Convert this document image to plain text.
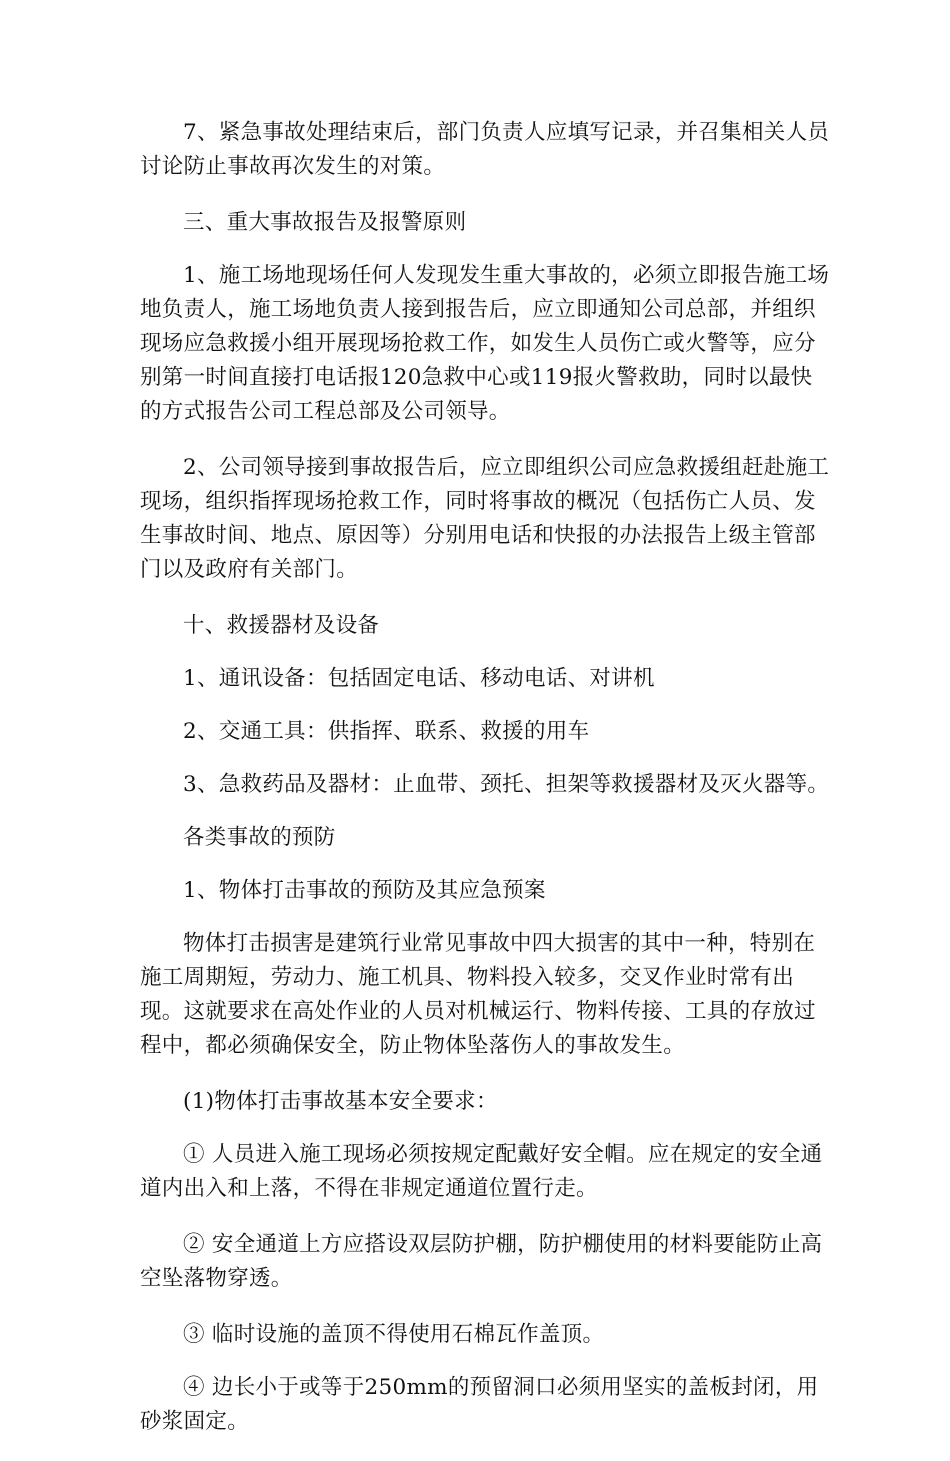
7、紧急事故处理结束后，部门负责人应填写记录，并召集相关人员讨论防止事故再次发生的对策。

三、重大事故报告及报警原则

1、施工场地现场任何人发现发生重大事故的，必须立即报告施工场地负责人，施工场地负责人接到报告后，应立即通知公司总部，并组织现场应急救援小组开展现场抢救工作，如发生人员伤亡或火警等，应分别第一时间直接打电话报120急救中心或119报火警救助，同时以最快的方式报告公司工程总部及公司领导。

2、公司领导接到事故报告后，应立即组织公司应急救援组赶赴施工现场，组织指挥现场抢救工作，同时将事故的概况（包括伤亡人员、发生事故时间、地点、原因等）分别用电话和快报的办法报告上级主管部门以及政府有关部门。

十、救援器材及设备

1、通讯设备：包括固定电话、移动电话、对讲机

2、交通工具：供指挥、联系、救援的用车

3、急救药品及器材：止血带、颈托、担架等救援器材及灭火器等。

各类事故的预防

1、物体打击事故的预防及其应急预案

物体打击损害是建筑行业常见事故中四大损害的其中一种，特别在施工周期短，劳动力、施工机具、物料投入较多，交叉作业时常有出现。这就要求在高处作业的人员对机械运行、物料传接、工具的存放过程中，都必须确保安全，防止物体坠落伤人的事故发生。

(1)物体打击事故基本安全要求：

① 人员进入施工现场必须按规定配戴好安全帽。应在规定的安全通道内出入和上落，不得在非规定通道位置行走。

② 安全通道上方应搭设双层防护棚，防护棚使用的材料要能防止高空坠落物穿透。

③ 临时设施的盖顶不得使用石棉瓦作盖顶。

④ 边长小于或等于250mm的预留洞口必须用坚实的盖板封闭，用砂浆固定。
